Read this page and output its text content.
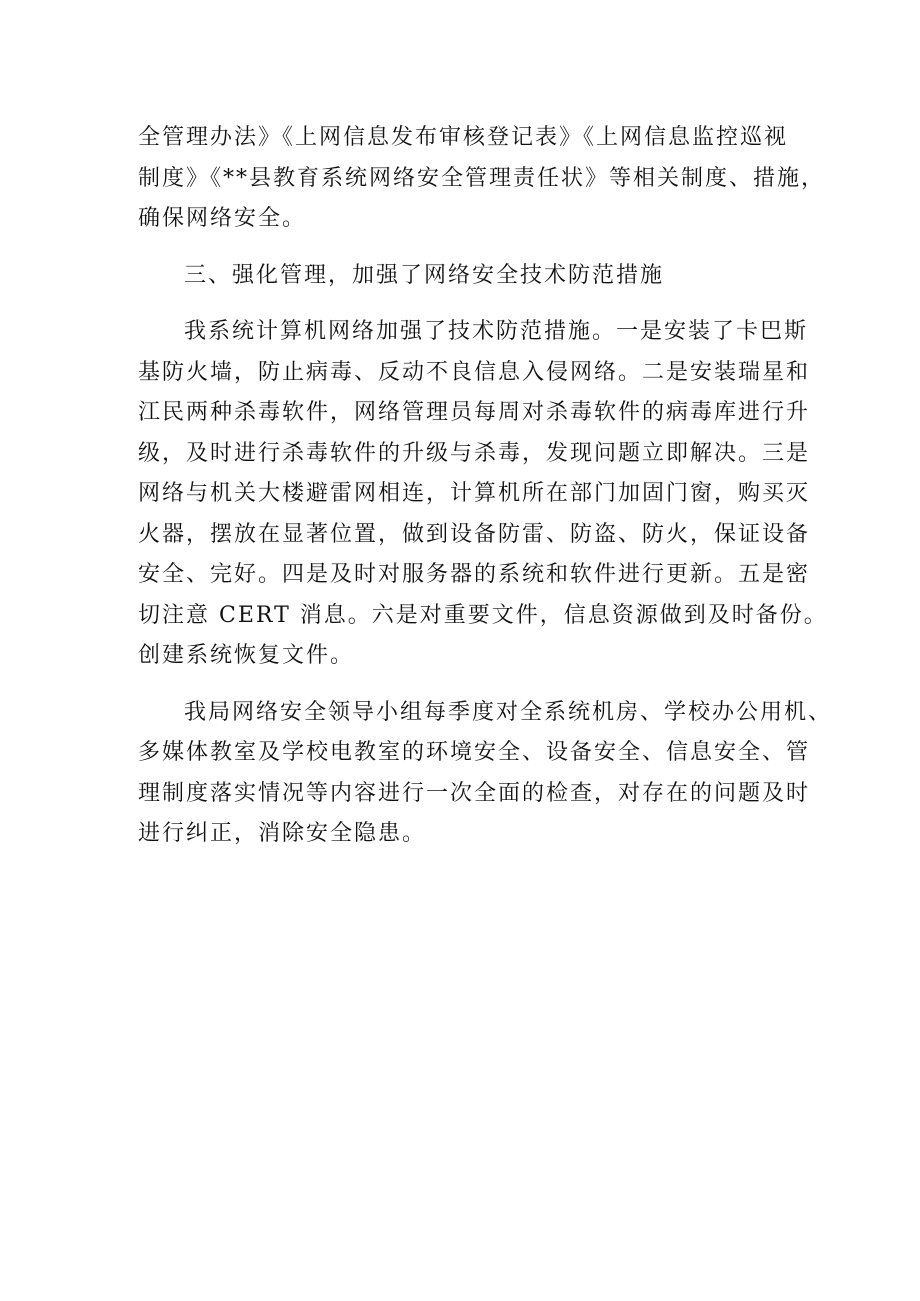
全管理办法》《上网信息发布审核登记表》《上网信息监控巡视
制度》《**县教育系统网络安全管理责任状》等相关制度、措施，
确保网络安全。
三、强化管理，加强了网络安全技术防范措施
我系统计算机网络加强了技术防范措施。一是安装了卡巴斯
基防火墙，防止病毒、反动不良信息入侵网络。二是安装瑞星和
江民两种杀毒软件，网络管理员每周对杀毒软件的病毒库进行升
级，及时进行杀毒软件的升级与杀毒，发现问题立即解决。三是
网络与机关大楼避雷网相连，计算机所在部门加固门窗，购买灭
火器，摆放在显著位置，做到设备防雷、防盗、防火，保证设备
安全、完好。四是及时对服务器的系统和软件进行更新。五是密
切注意 CERT 消息。六是对重要文件，信息资源做到及时备份。
创建系统恢复文件。
我局网络安全领导小组每季度对全系统机房、学校办公用机、
多媒体教室及学校电教室的环境安全、设备安全、信息安全、管
理制度落实情况等内容进行一次全面的检查，对存在的问题及时
进行纠正，消除安全隐患。
